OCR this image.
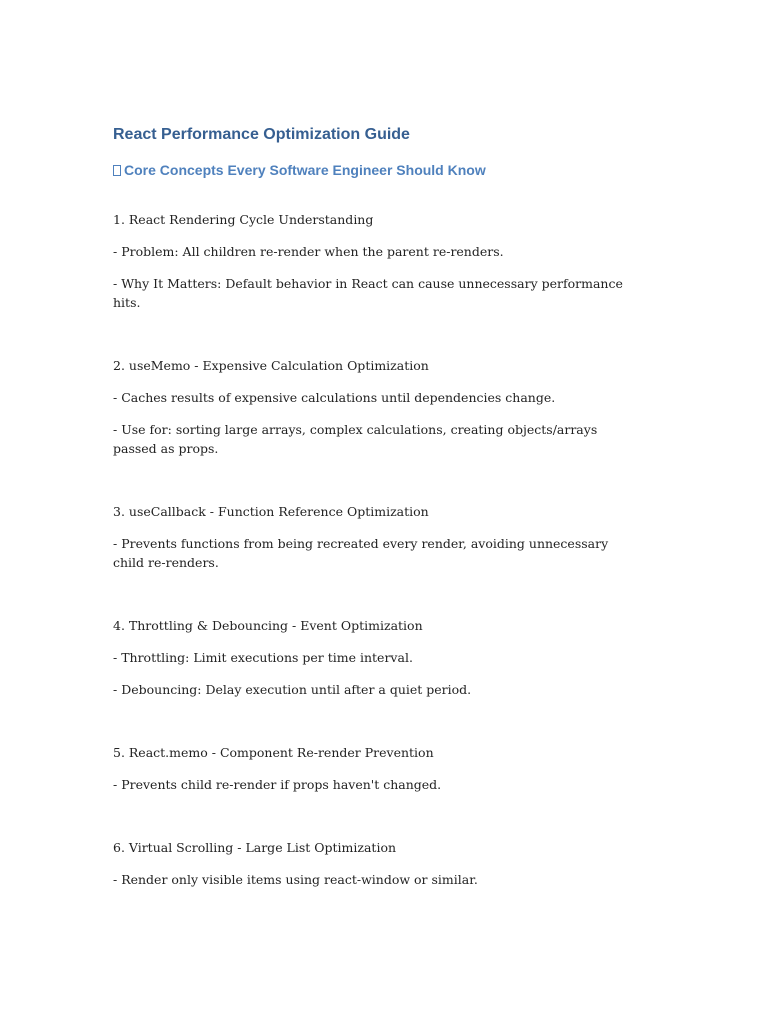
React Performance Optimization Guide
Core Concepts Every Software Engineer Should Know

1. React Rendering Cycle Understanding

- Problem: All children re-render when the parent re-renders.

- Why It Matters: Default behavior in React can cause unnecessary performance hits.

2. useMemo - Expensive Calculation Optimization

- Caches results of expensive calculations until dependencies change.

- Use for: sorting large arrays, complex calculations, creating objects/arrays passed as props.

3. useCallback - Function Reference Optimization

- Prevents functions from being recreated every render, avoiding unnecessary child re-renders.

4. Throttling & Debouncing - Event Optimization

- Throttling: Limit executions per time interval.

- Debouncing: Delay execution until after a quiet period.

5. React.memo - Component Re-render Prevention

- Prevents child re-render if props haven't changed.

6. Virtual Scrolling - Large List Optimization

- Render only visible items using react-window or similar.
